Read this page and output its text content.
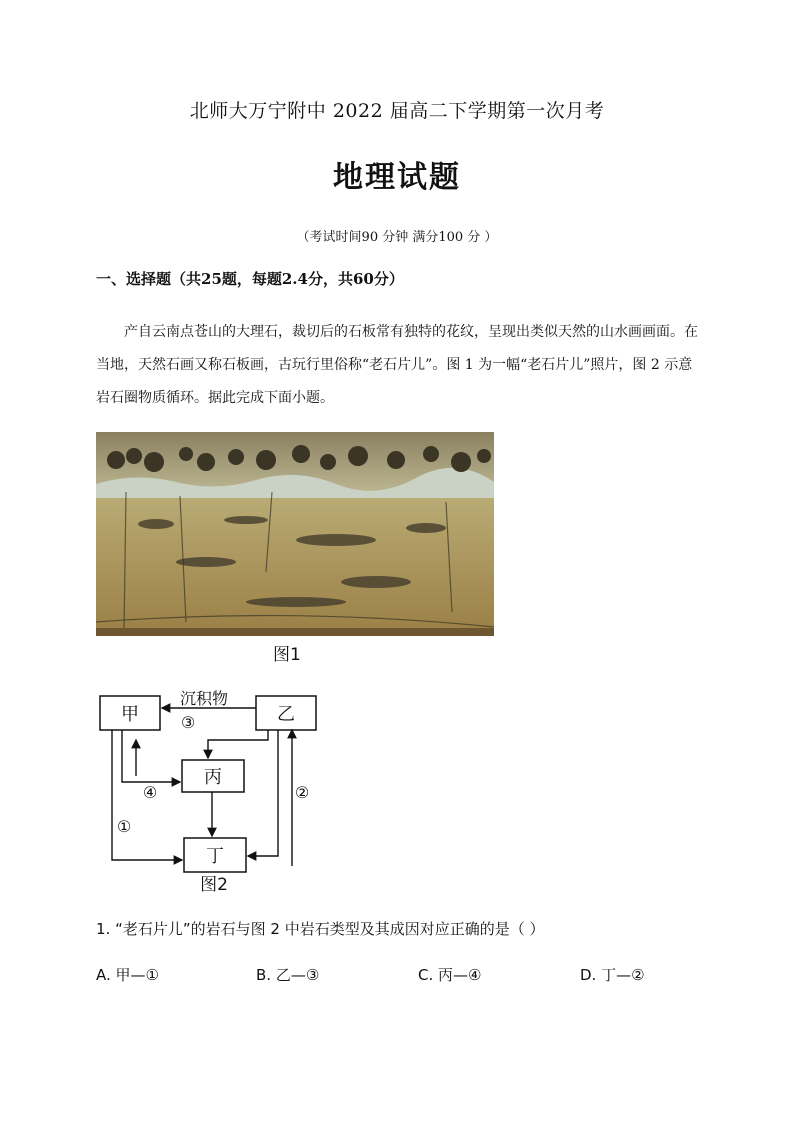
北师大万宁附中 2022 届高二下学期第一次月考
地理试题
（考试时间90 分钟 满分100 分 ）
一、选择题（共25题，每题2.4分，共60分）
产自云南点苍山的大理石，裁切后的石板常有独特的花纹，呈现出类似天然的山水画画面。在当地，天然石画又称石板画，古玩行里俗称“老石片儿”。图 1 为一幅“老石片儿”照片，图 2 示意岩石圈物质循环。据此完成下面小题。
图1
甲	乙
丙
丁
沉积物
③
④
①
②
图2
1. “老石片儿”的岩石与图 2 中岩石类型及其成因对应正确的是（ ）
A. 甲—①	B. 乙—③	C. 丙—④	D. 丁—②
